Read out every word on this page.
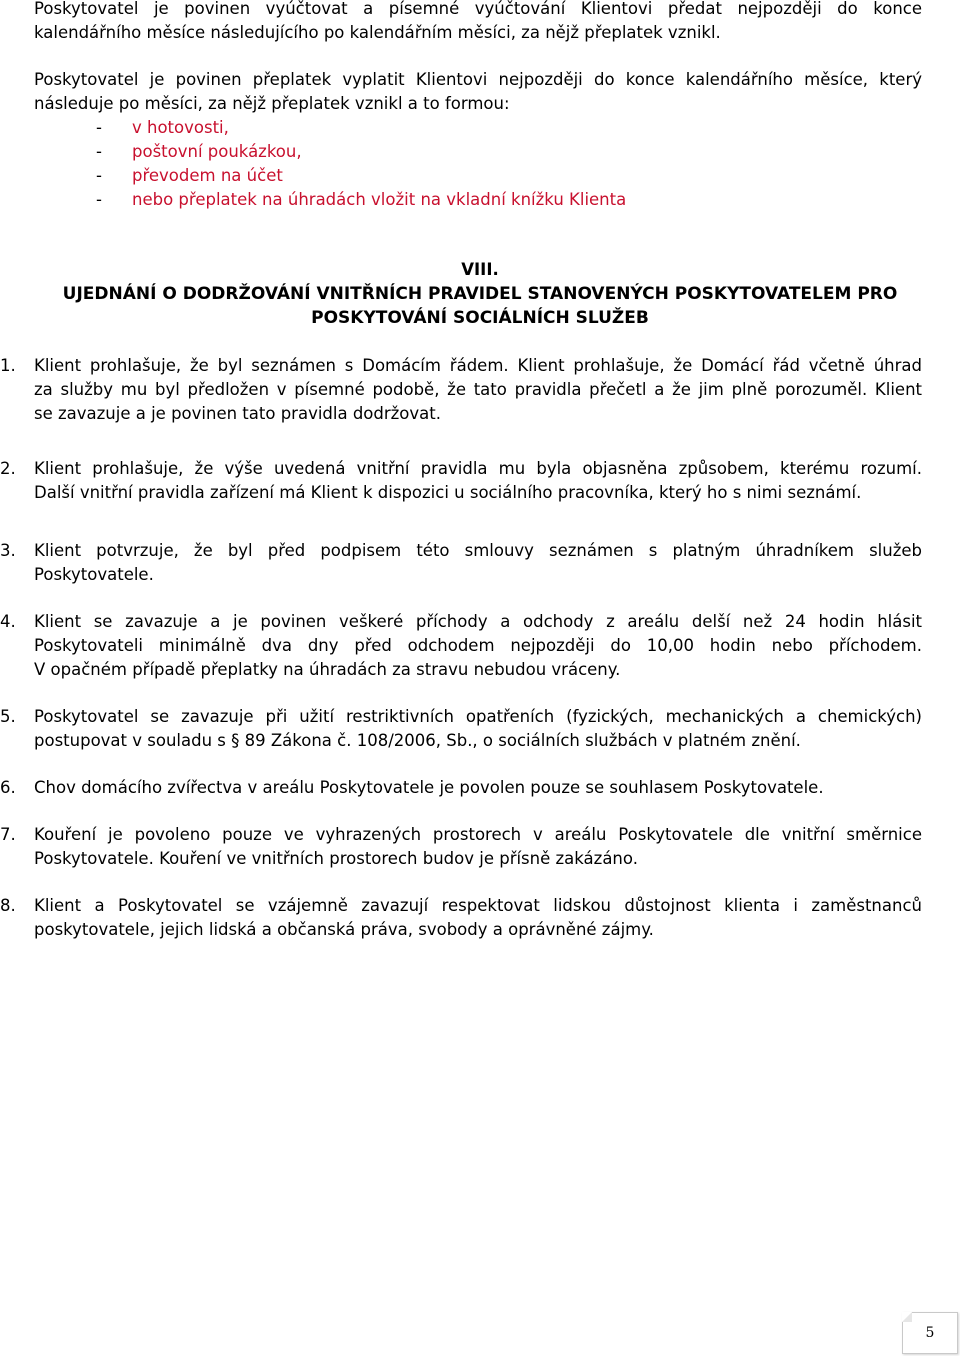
Poskytovatel je povinen vyúčtovat a písemné vyúčtování Klientovi předat nejpozději do konce
kalendářního měsíce následujícího po kalendářním měsíci, za nějž přeplatek vznikl.
Poskytovatel je povinen přeplatek vyplatit Klientovi nejpozději do konce kalendářního měsíce, který
následuje po měsíci, za nějž přeplatek vznikl a to formou:
- v hotovosti,
- poštovní poukázkou,
- převodem na účet
- nebo přeplatek na úhradách vložit na vkladní knížku Klienta
VIII.
UJEDNÁNÍ O DODRŽOVÁNÍ VNITŘNÍCH PRAVIDEL STANOVENÝCH POSKYTOVATELEM PRO
POSKYTOVÁNÍ SOCIÁLNÍCH SLUŽEB
1. Klient prohlašuje, že byl seznámen s Domácím řádem. Klient prohlašuje, že Domácí řád včetně úhrad
za služby mu byl předložen v písemné podobě, že tato pravidla přečetl a že jim plně porozuměl. Klient
se zavazuje a je povinen tato pravidla dodržovat.
2. Klient prohlašuje, že výše uvedená vnitřní pravidla mu byla objasněna způsobem, kterému rozumí.
Další vnitřní pravidla zařízení má Klient k dispozici u sociálního pracovníka, který ho s nimi seznámí.
3. Klient potvrzuje, že byl před podpisem této smlouvy seznámen s platným úhradníkem služeb
Poskytovatele.
4. Klient se zavazuje a je povinen veškeré příchody a odchody z areálu delší než 24 hodin hlásit
Poskytovateli minimálně dva dny před odchodem nejpozději do 10,00 hodin nebo příchodem.
V opačném případě přeplatky na úhradách za stravu nebudou vráceny.
5. Poskytovatel se zavazuje při užití restriktivních opatřeních (fyzických, mechanických a chemických)
postupovat v souladu s § 89 Zákona č. 108/2006, Sb., o sociálních službách v platném znění.
6. Chov domácího zvířectva v areálu Poskytovatele je povolen pouze se souhlasem Poskytovatele.
7. Kouření je povoleno pouze ve vyhrazených prostorech v areálu Poskytovatele dle vnitřní směrnice
Poskytovatele. Kouření ve vnitřních prostorech budov je přísně zakázáno.
8. Klient a Poskytovatel se vzájemně zavazují respektovat lidskou důstojnost klienta i zaměstnanců
poskytovatele, jejich lidská a občanská práva, svobody a oprávněné zájmy.
5
